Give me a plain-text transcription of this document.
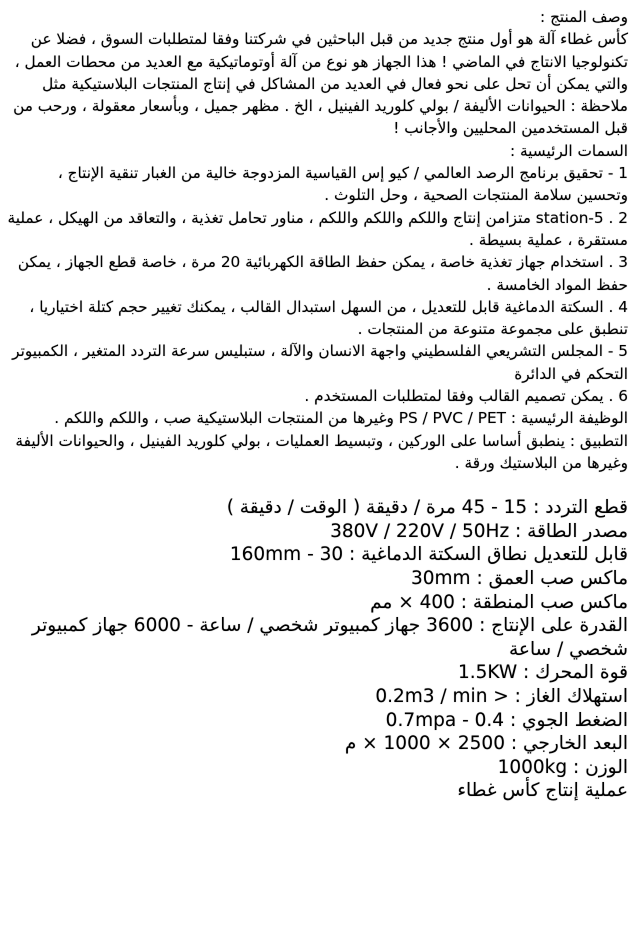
وصف المنتج :

كأس غطاء آلة هو أول منتج جديد من قبل الباحثين في شركتنا وفقا لمتطلبات السوق ، فضلا عن تكنولوجيا الانتاج في الماضي ! هذا الجهاز هو نوع من آلة أوتوماتيكية مع العديد من محطات العمل ، والتي يمكن أن تحل على نحو فعال في العديد من المشاكل في إنتاج المنتجات البلاستيكية مثل ملاحظة : الحيوانات الأليفة / بولي كلوريد الفينيل ، الخ . مظهر جميل ، وبأسعار معقولة ، ورحب من قبل المستخدمين المحليين والأجانب !

السمات الرئيسية :

1 - تحقيق برنامج الرصد العالمي / كيو إس القياسية المزدوجة خالية من الغبار تنقية الإنتاج ، وتحسين سلامة المنتجات الصحية ، وحل التلوث .

2 . station-5 متزامن إنتاج واللكم واللكم واللكم ، مناور تحامل تغذية ، والتعاقد من الهيكل ، عملية مستقرة ، عملية بسيطة .

3 . استخدام جهاز تغذية خاصة ، يمكن حفظ الطاقة الكهربائية 20 مرة ، خاصة قطع الجهاز ، يمكن حفظ المواد الخامسة .

4 . السكتة الدماغية قابل للتعديل ، من السهل استبدال القالب ، يمكنك تغيير حجم كتلة اختياريا ، تنطبق على مجموعة متنوعة من المنتجات .

5 - المجلس التشريعي الفلسطيني واجهة الانسان والآلة ، ستبليس سرعة التردد المتغير ، الكمبيوتر التحكم في الدائرة

6 . يمكن تصميم القالب وفقا لمتطلبات المستخدم .

الوظيفة الرئيسية : PS / PVC / PET وغيرها من المنتجات البلاستيكية صب ، واللكم واللكم .

التطبيق : ينطبق أساسا على الوركين ، وتبسيط العمليات ، بولي كلوريد الفينيل ، والحيوانات الأليفة وغيرها من البلاستيك ورقة .

قطع التردد : 15 - 45 مرة / دقيقة ( الوقت / دقيقة )

مصدر الطاقة : 380V / 220V / 50Hz

قابل للتعديل نطاق السكتة الدماغية : 30 - 160mm

ماكس صب العمق : 30mm

ماكس صب المنطقة : 400 × مم

القدرة على الإنتاج : 3600 جهاز كمبيوتر شخصي / ساعة - 6000 جهاز كمبيوتر شخصي / ساعة

قوة المحرك : 1.5KW

استهلاك الغاز : < 0.2m3 / min

الضغط الجوي : 0.4 - 0.7mpa

البعد الخارجي : 2500 × 1000 × م

الوزن : 1000kg

عملية إنتاج كأس غطاء
